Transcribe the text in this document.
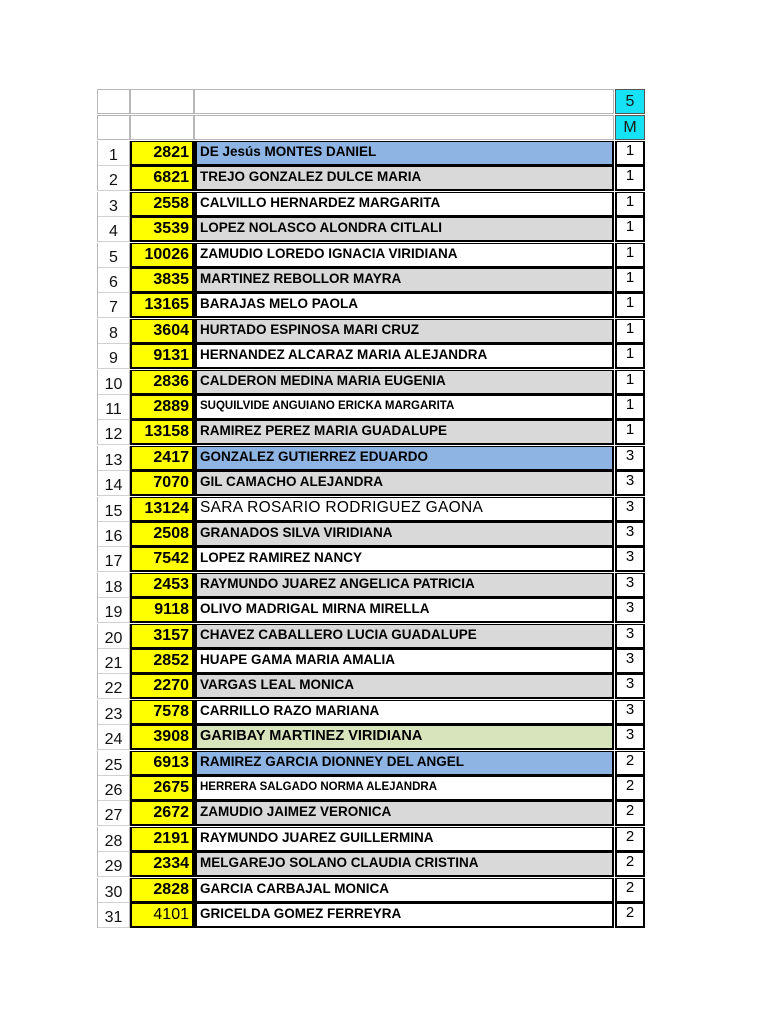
5
M
1	2821 DE Jesús MONTES DANIEL	1
2	6821 TREJO GONZALEZ DULCE MARIA	1
3	2558 CALVILLO HERNARDEZ MARGARITA	1
4	3539 LOPEZ NOLASCO ALONDRA CITLALI	1
5	10026 ZAMUDIO LOREDO IGNACIA VIRIDIANA	1
6	3835 MARTINEZ REBOLLOR MAYRA	1
7	13165 BARAJAS MELO PAOLA	1
8	3604 HURTADO ESPINOSA MARI CRUZ	1
9	9131 HERNANDEZ ALCARAZ MARIA ALEJANDRA	1
10	2836 CALDERON MEDINA MARIA EUGENIA	1
11	2889 SUQUILVIDE ANGUIANO ERICKA MARGARITA	1
12	13158 RAMIREZ PEREZ MARIA GUADALUPE	1
13	2417 GONZALEZ GUTIERREZ EDUARDO	3
14	7070 GIL CAMACHO ALEJANDRA	3
15	13124 SARA ROSARIO RODRIGUEZ GAONA	3
16	2508 GRANADOS SILVA VIRIDIANA	3
17	7542 LOPEZ RAMIREZ NANCY	3
18	2453 RAYMUNDO JUAREZ ANGELICA PATRICIA	3
19	9118 OLIVO MADRIGAL MIRNA MIRELLA	3
20	3157 CHAVEZ CABALLERO LUCIA GUADALUPE	3
21	2852 HUAPE GAMA MARIA AMALIA	3
22	2270 VARGAS LEAL MONICA	3
23	7578 CARRILLO RAZO MARIANA	3
24	3908 GARIBAY MARTINEZ VIRIDIANA	3
25	6913 RAMIREZ GARCIA DIONNEY DEL ANGEL	2
26	2675 HERRERA SALGADO NORMA ALEJANDRA	2
27	2672 ZAMUDIO JAIMEZ VERONICA	2
28	2191 RAYMUNDO JUAREZ GUILLERMINA	2
29	2334 MELGAREJO SOLANO CLAUDIA CRISTINA	2
30	2828 GARCIA CARBAJAL MONICA	2
31	4101 GRICELDA GOMEZ FERREYRA	2
